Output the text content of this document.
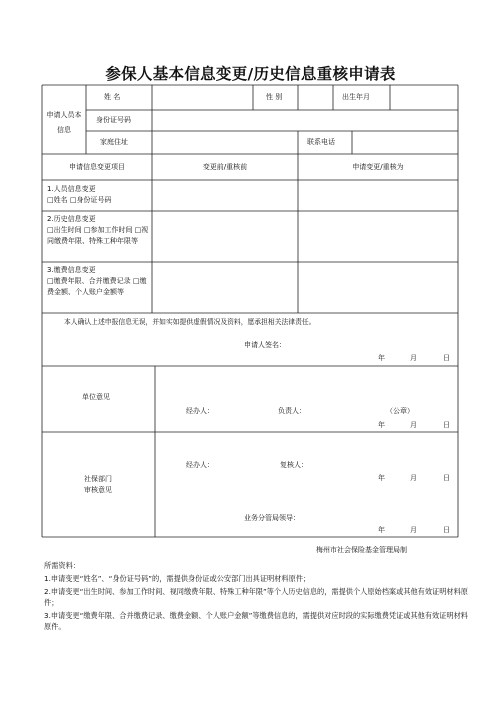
参保人基本信息变更/历史信息重核申请表
申请人员本信息
姓 名	性 别	出生年月
身份证号码
家庭住址	联系电话
申请信息变更项目	变更前/重核前	申请变更/重核为
1.人员信息变更
□姓名 □身份证号码
2.历史信息变更
□出生时间 □参加工作时间 □视同缴费年限、特殊工种年限等
3.缴费信息变更
□缴费年限、合并缴费记录 □缴费金额、个人账户金额等
本人确认上述申报信息无误，并如实如提供虚假情况及资料，愿承担相关法律责任。
申请人签名：
年	月	日
单位意见
经办人：	负责人：	（公章）
年	月	日
社保部门
审核意见
经办人：	复核人：
年	月	日
业务分管局领导：
年	月	日
梅州市社会保险基金管理局制
所需资料：
1.申请变更“姓名”、“身份证号码”的，需提供身份证或公安部门出具证明材料原件；
2.申请变更“出生时间、参加工作时间、视同缴费年限、特殊工种年限”等个人历史信息的，需提供个人原始档案或其他有效证明材料原件；
3.申请变更“缴费年限、合并缴费记录、缴费金额、个人账户金额”等缴费信息的，需提供对应时段的实际缴费凭证或其他有效证明材料原件。
